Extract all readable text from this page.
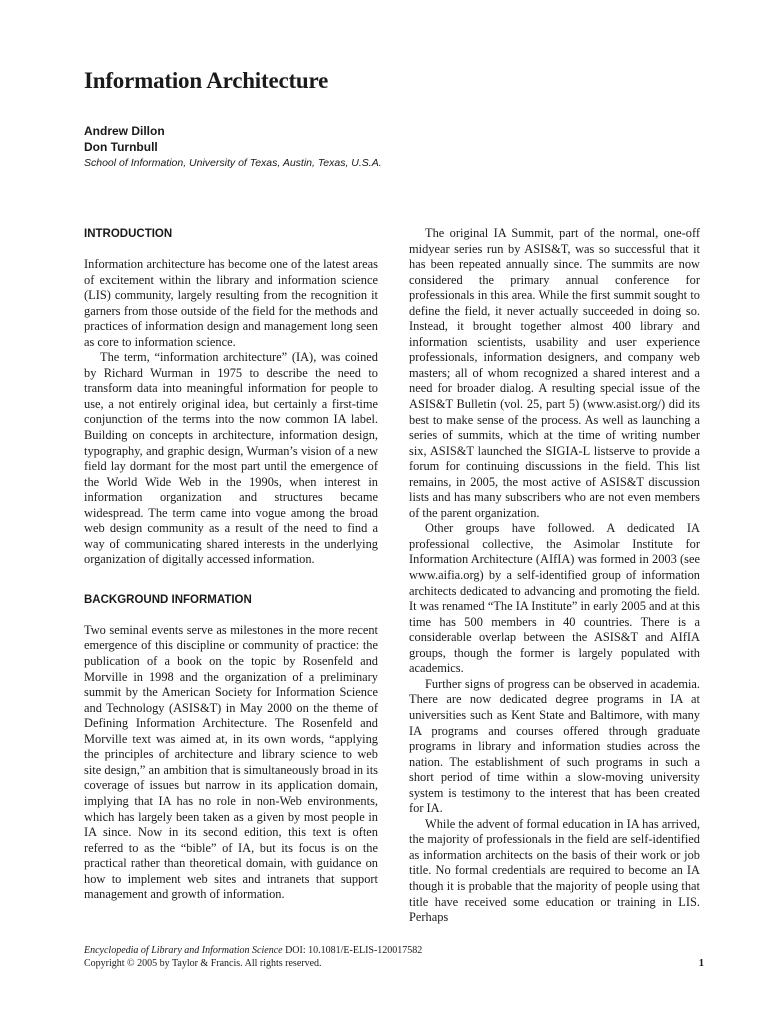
Information Architecture
Andrew Dillon
Don Turnbull
School of Information, University of Texas, Austin, Texas, U.S.A.
INTRODUCTION

Information architecture has become one of the latest areas of excitement within the library and information science (LIS) community, largely resulting from the recognition it garners from those outside of the field for the methods and practices of information design and management long seen as core to information science.

The term, “information architecture” (IA), was coined by Richard Wurman in 1975 to describe the need to transform data into meaningful information for people to use, a not entirely original idea, but certainly a first-time conjunction of the terms into the now common IA label. Building on concepts in architecture, information design, typography, and graphic design, Wurman’s vision of a new field lay dormant for the most part until the emergence of the World Wide Web in the 1990s, when interest in information organization and structures became widespread. The term came into vogue among the broad web design community as a result of the need to find a way of communicating shared interests in the underlying organization of digitally accessed information.

BACKGROUND INFORMATION

Two seminal events serve as milestones in the more recent emergence of this discipline or community of practice: the publication of a book on the topic by Rosenfeld and Morville in 1998 and the organization of a preliminary summit by the American Society for Information Science and Technology (ASIS&T) in May 2000 on the theme of Defining Information Architecture. The Rosenfeld and Morville text was aimed at, in its own words, “applying the principles of architecture and library science to web site design,” an ambition that is simultaneously broad in its coverage of issues but narrow in its application domain, implying that IA has no role in non-Web environments, which has largely been taken as a given by most people in IA since. Now in its second edition, this text is often referred to as the “bible” of IA, but its focus is on the practical rather than theoretical domain, with guidance on how to implement web sites and intranets that support management and growth of information.

The original IA Summit, part of the normal, one-off midyear series run by ASIS&T, was so successful that it has been repeated annually since. The summits are now considered the primary annual conference for professionals in this area. While the first summit sought to define the field, it never actually succeeded in doing so. Instead, it brought together almost 400 library and information scientists, usability and user experience professionals, information designers, and company web masters; all of whom recognized a shared interest and a need for broader dialog. A resulting special issue of the ASIS&T Bulletin (vol. 25, part 5) (www.asist.org/) did its best to make sense of the process. As well as launching a series of summits, which at the time of writing number six, ASIS&T launched the SIGIA-L listserve to provide a forum for continuing discussions in the field. This list remains, in 2005, the most active of ASIS&T discussion lists and has many subscribers who are not even members of the parent organization.

Other groups have followed. A dedicated IA professional collective, the Asimolar Institute for Information Architecture (AIfIA) was formed in 2003 (see www.aifia.org) by a self-identified group of information architects dedicated to advancing and promoting the field. It was renamed “The IA Institute” in early 2005 and at this time has 500 members in 40 countries. There is a considerable overlap between the ASIS&T and AIfIA groups, though the former is largely populated with academics.

Further signs of progress can be observed in academia. There are now dedicated degree programs in IA at universities such as Kent State and Baltimore, with many IA programs and courses offered through graduate programs in library and information studies across the nation. The establishment of such programs in such a short period of time within a slow-moving university system is testimony to the interest that has been created for IA.

While the advent of formal education in IA has arrived, the majority of professionals in the field are self-identified as information architects on the basis of their work or job title. No formal credentials are required to become an IA though it is probable that the majority of people using that title have received some education or training in LIS. Perhaps

Encyclopedia of Library and Information Science DOI: 10.1081/E-ELIS-120017582
Copyright © 2005 by Taylor & Francis. All rights reserved.	1
